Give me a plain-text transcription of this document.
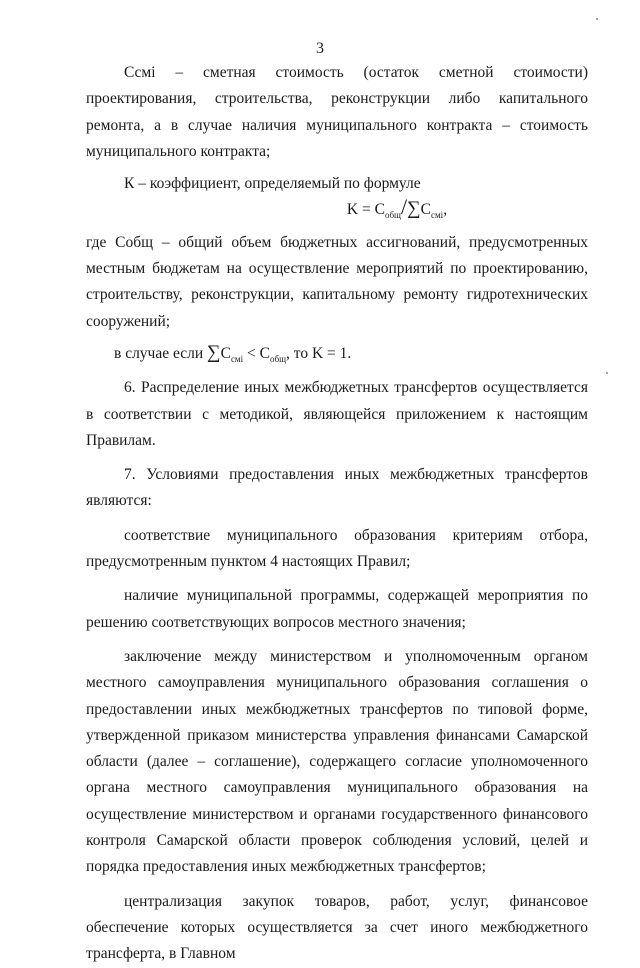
3

Ссмi – сметная стоимость (остаток сметной стоимости) проектирования, строительства, реконструкции либо капитального ремонта, а в случае наличия муниципального контракта – стоимость муниципального контракта;

К – коэффициент, определяемый по формуле

$K = C_{общ}/\sum C_{смi}$,

где Собщ – общий объем бюджетных ассигнований, предусмотренных местным бюджетам на осуществление мероприятий по проектированию, строительству, реконструкции, капитальному ремонту гидротехнических сооружений;

в случае если $\sum C_{смi} < C_{общ}$, то K = 1.

6. Распределение иных межбюджетных трансфертов осуществляется в соответствии с методикой, являющейся приложением к настоящим Правилам.

7. Условиями предоставления иных межбюджетных трансфертов являются:

соответствие муниципального образования критериям отбора, предусмотренным пунктом 4 настоящих Правил;

наличие муниципальной программы, содержащей мероприятия по решению соответствующих вопросов местного значения;

заключение между министерством и уполномоченным органом местного самоуправления муниципального образования соглашения о предоставлении иных межбюджетных трансфертов по типовой форме, утвержденной приказом министерства управления финансами Самарской области (далее – соглашение), содержащего согласие уполномоченного органа местного самоуправления муниципального образования на осуществление министерством и органами государственного финансового контроля Самарской области проверок соблюдения условий, целей и порядка предоставления иных межбюджетных трансфертов;

централизация закупок товаров, работ, услуг, финансовое обеспечение которых осуществляется за счет иного межбюджетного трансферта, в Главном
